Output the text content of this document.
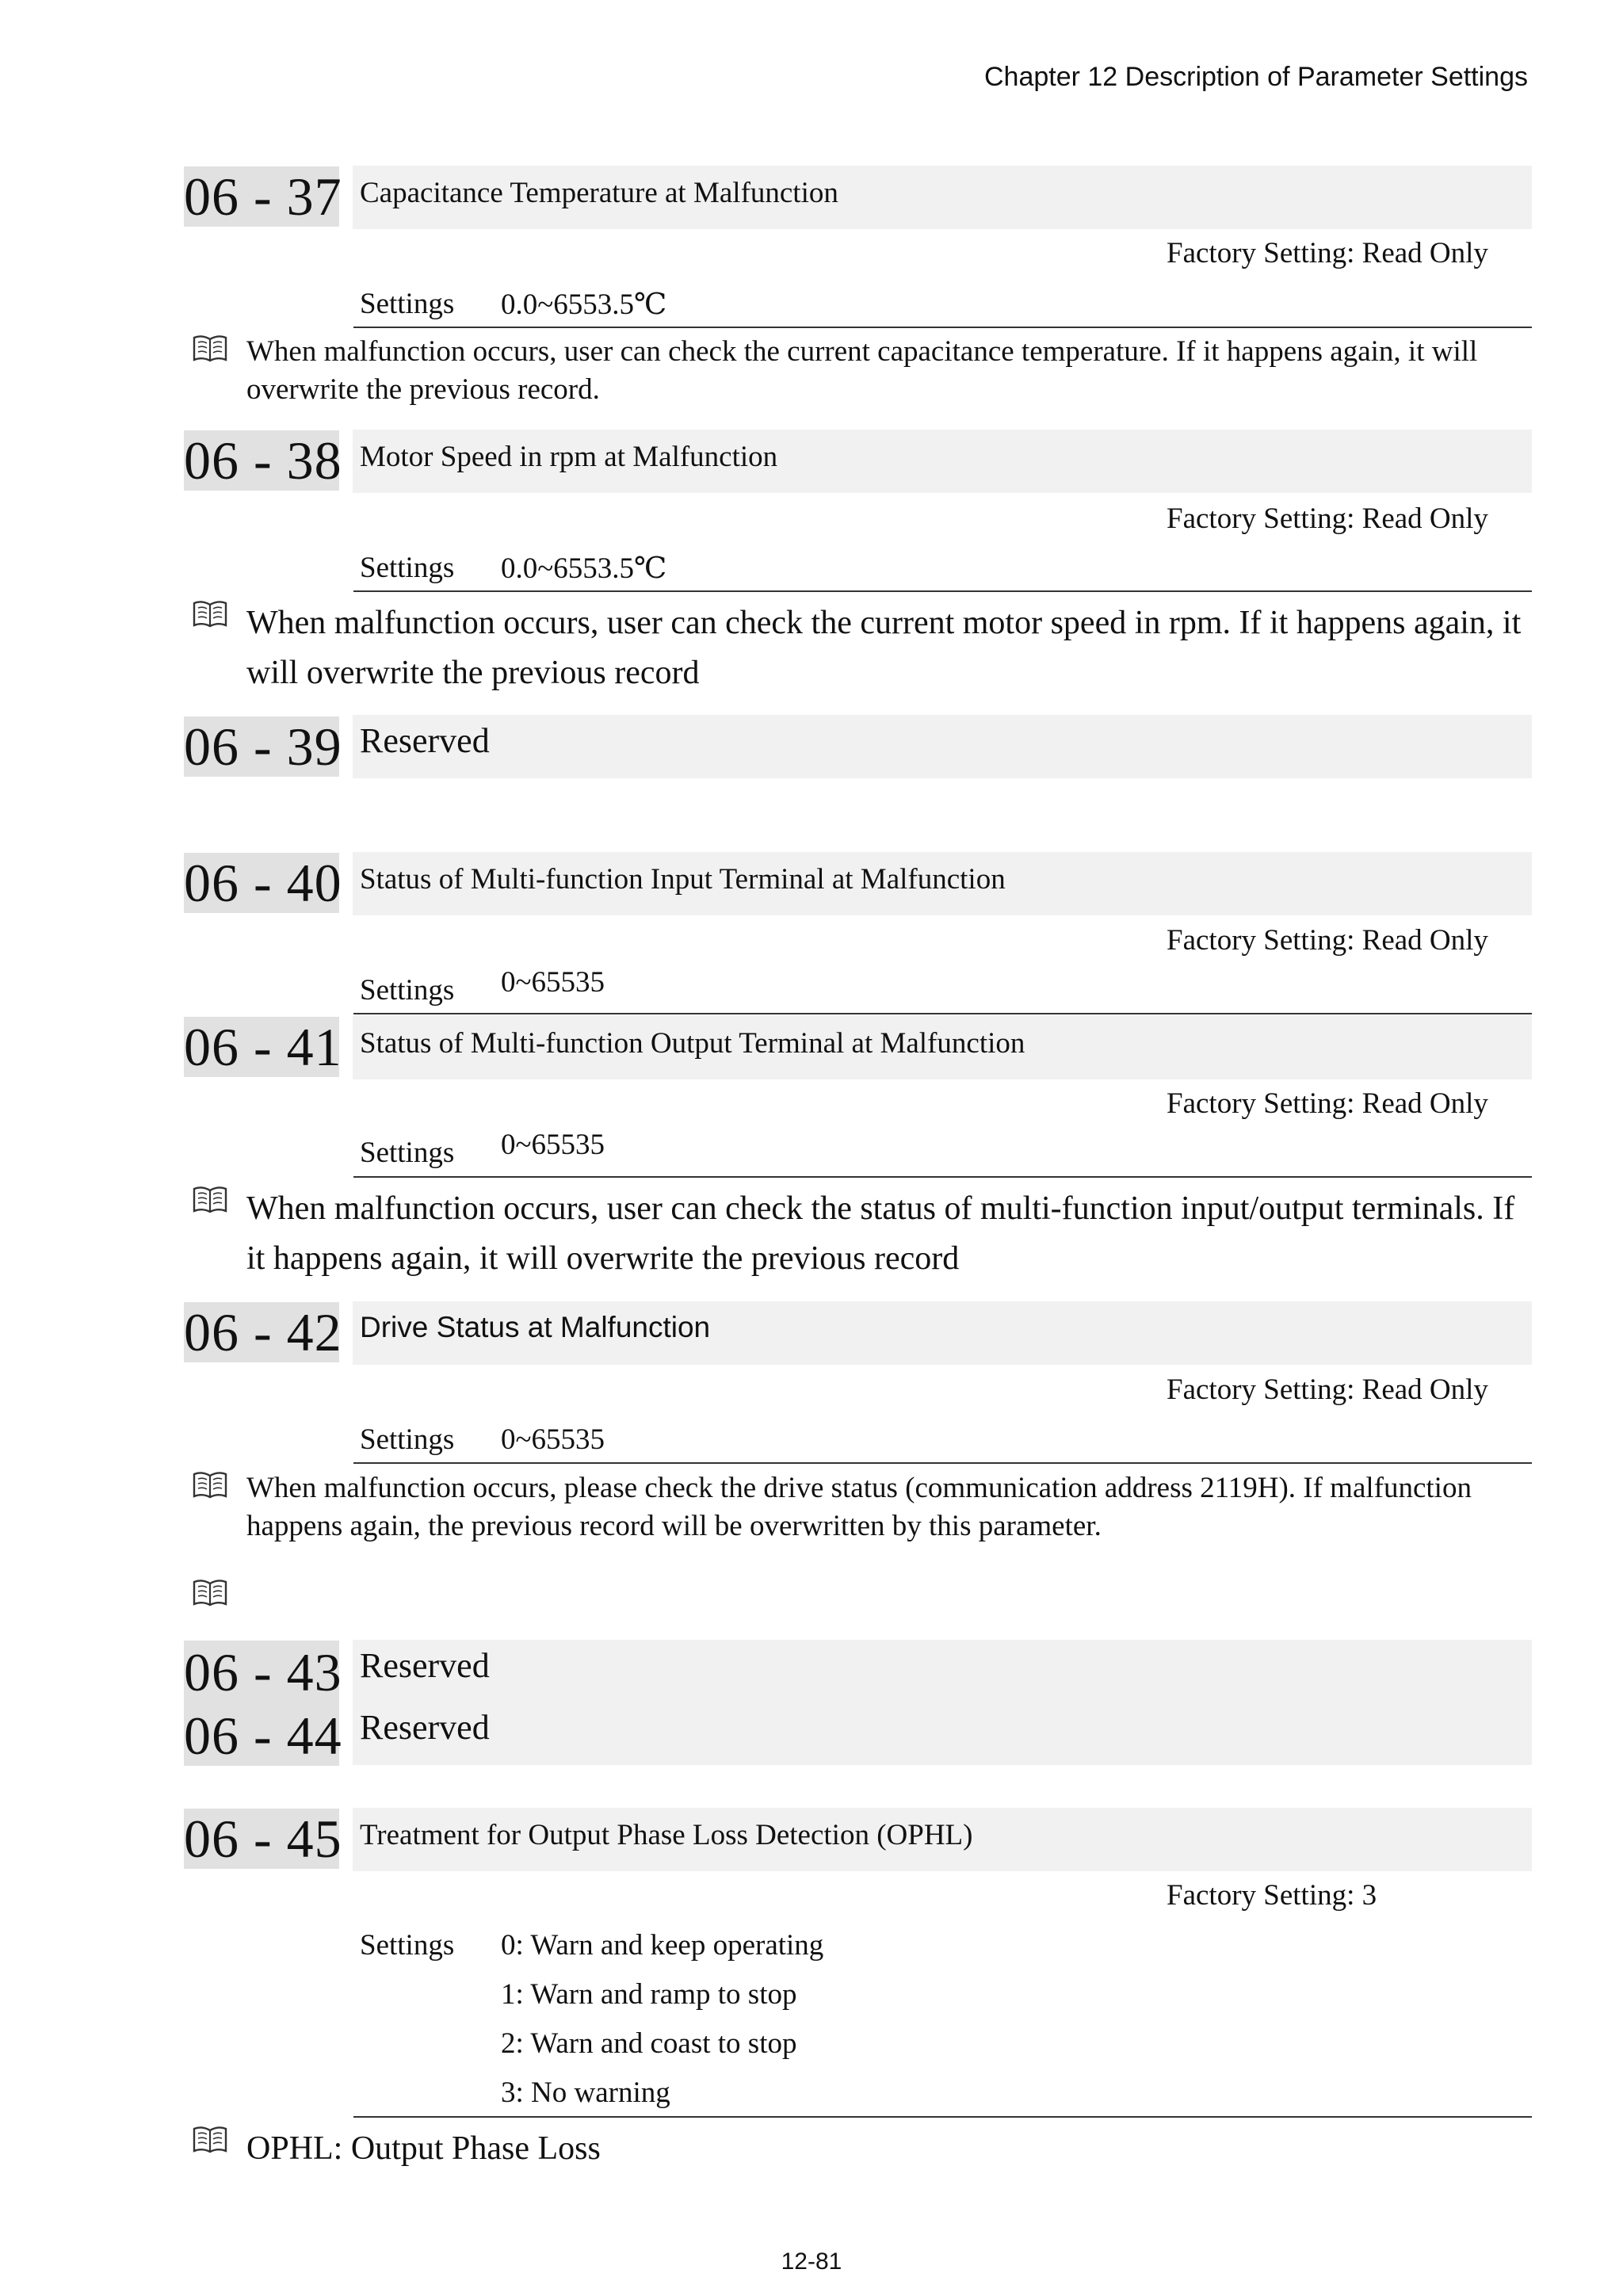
Chapter 12 Description of Parameter Settings
06 - 37 Capacitance Temperature at Malfunction
Factory Setting: Read Only
Settings 0.0~6553.5℃
When malfunction occurs, user can check the current capacitance temperature. If it happens again, it will overwrite the previous record.
06 - 38 Motor Speed in rpm at Malfunction
Factory Setting: Read Only
Settings 0.0~6553.5℃
When malfunction occurs, user can check the current motor speed in rpm. If it happens again, it will overwrite the previous record
06 - 39 Reserved
06 - 40 Status of Multi-function Input Terminal at Malfunction
Factory Setting: Read Only
Settings 0~65535
06 - 41 Status of Multi-function Output Terminal at Malfunction
Factory Setting: Read Only
Settings 0~65535
When malfunction occurs, user can check the status of multi-function input/output terminals. If it happens again, it will overwrite the previous record
06 - 42 Drive Status at Malfunction
Factory Setting: Read Only
Settings 0~65535
When malfunction occurs, please check the drive status (communication address 2119H). If malfunction happens again, the previous record will be overwritten by this parameter.
06 - 43
06 - 44
Reserved
Reserved
06 - 45 Treatment for Output Phase Loss Detection (OPHL)
Factory Setting: 3
Settings 0: Warn and keep operating
1: Warn and ramp to stop
2: Warn and coast to stop
3: No warning
OPHL: Output Phase Loss
12-81
